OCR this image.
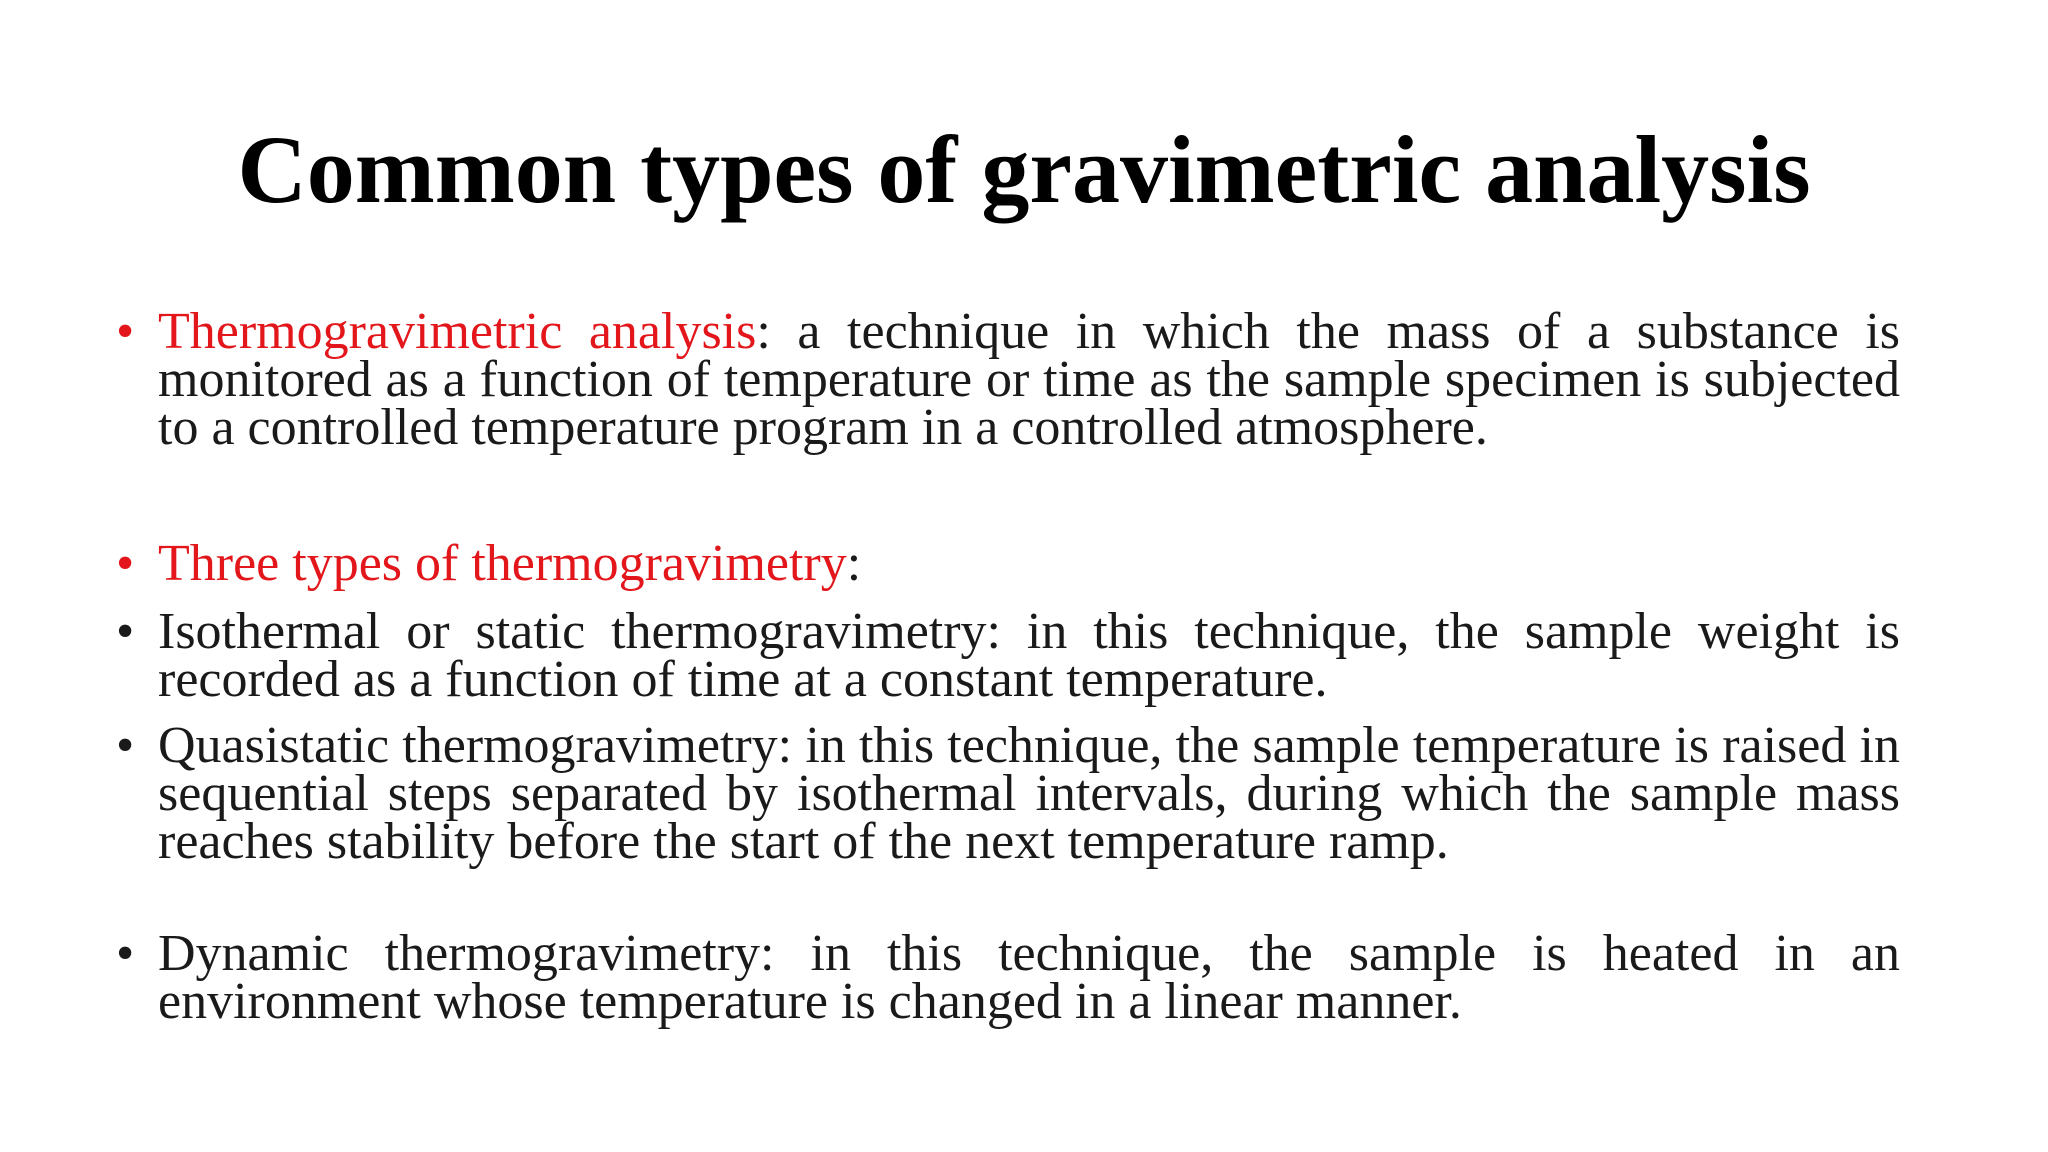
Common types of gravimetric analysis
• Thermogravimetric analysis: a technique in which the mass of a substance is monitored as a function of temperature or time as the sample specimen is subjected to a controlled temperature program in a controlled atmosphere.
• Three types of thermogravimetry:
• Isothermal or static thermogravimetry: in this technique, the sample weight is recorded as a function of time at a constant temperature.
• Quasistatic thermogravimetry: in this technique, the sample temperature is raised in sequential steps separated by isothermal intervals, during which the sample mass reaches stability before the start of the next temperature ramp.
• Dynamic thermogravimetry: in this technique, the sample is heated in an environment whose temperature is changed in a linear manner.
